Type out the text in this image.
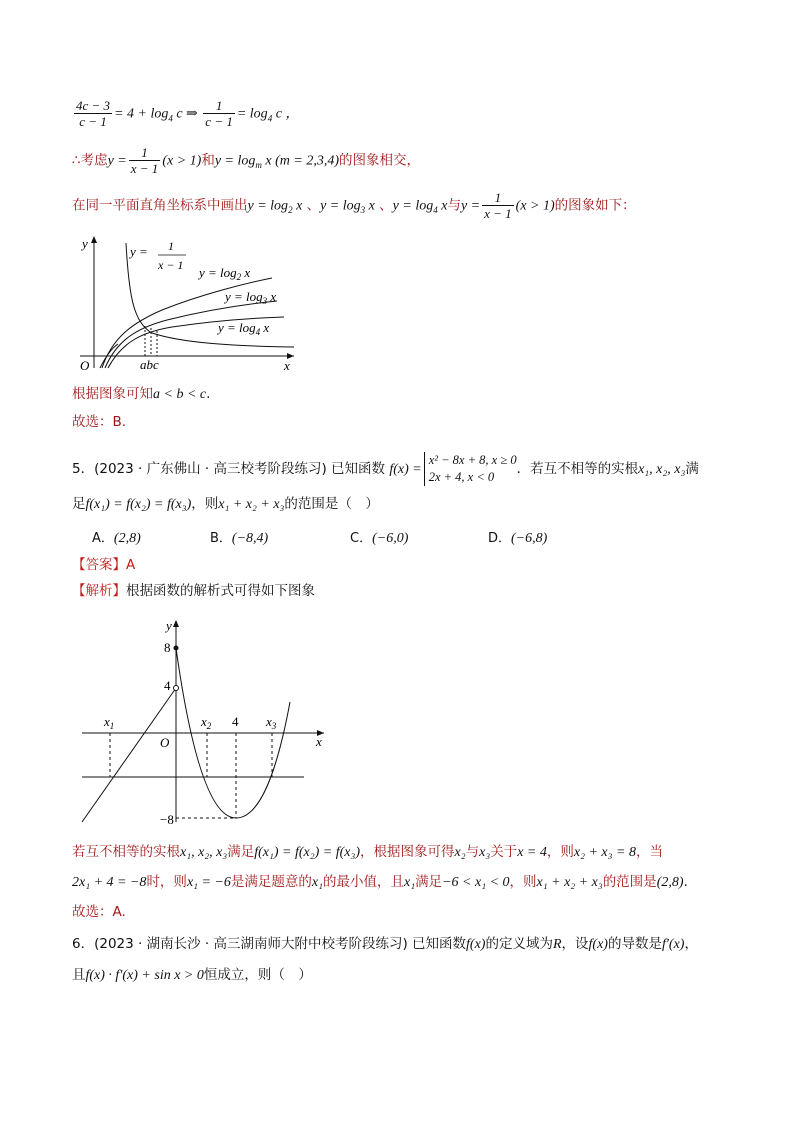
$\frac{4c - 3}{c - 1} = 4 + \log_4 c$ ⇒ $\frac{1}{c - 1} = \log_4 c$ ，
∴考虑$y = \frac{1}{x - 1} (x > 1)$和$y = \log_m x$ (m = 2,3,4)的图象相交，
在同一平面直角坐标系中画出$y = \log_2 x$ 、$y = \log_3 x$ 、$y = \log_4 x$与$y = \frac{1}{x - 1} (x > 1)$的图象如下：
y
x
O	abc
y = 1
x − 1 $y = \log_2 x$
$y = \log_3 x$
$y = \log_4 x$
根据图象可知a < b < c.
故选：B.
5．(2023 · 广东佛山 · 高三校考阶段练习) 已知函数 f(x) =
x² − 8x + 8, x ≥ 0
2x + 4, x < 0	．若互不相等的实根x₁, x₂, x₃满
足f(x₁) = f(x₂) = f(x₃)，则x₁ + x₂ + x₃的范围是（　）
A．(2,8)	B．(−8,4)	C．(−6,0)	D．(−6,8)
【答案】A
【解析】根据函数的解析式可得如下图象
y
x
O
8
4
−8
$x_1$	$x_2$ 4 $x_3$
若互不相等的实根x₁, x₂, x₃满足f(x₁) = f(x₂) = f(x₃)，根据图象可得x₂与x₃关于x = 4，则x₂ + x₃ = 8，当
2x₁ + 4 = −8时，则x₁ = −6是满足题意的x₁的最小值，且x₁满足−6 < x₁ < 0，则x₁ + x₂ + x₃的范围是(2,8).
故选：A.
6．(2023 · 湖南长沙 · 高三湖南师大附中校考阶段练习) 已知函数f(x)的定义域为R，设f(x)的导数是f′(x)，
且f(x) · f′(x) + sin x > 0恒成立，则（　）
